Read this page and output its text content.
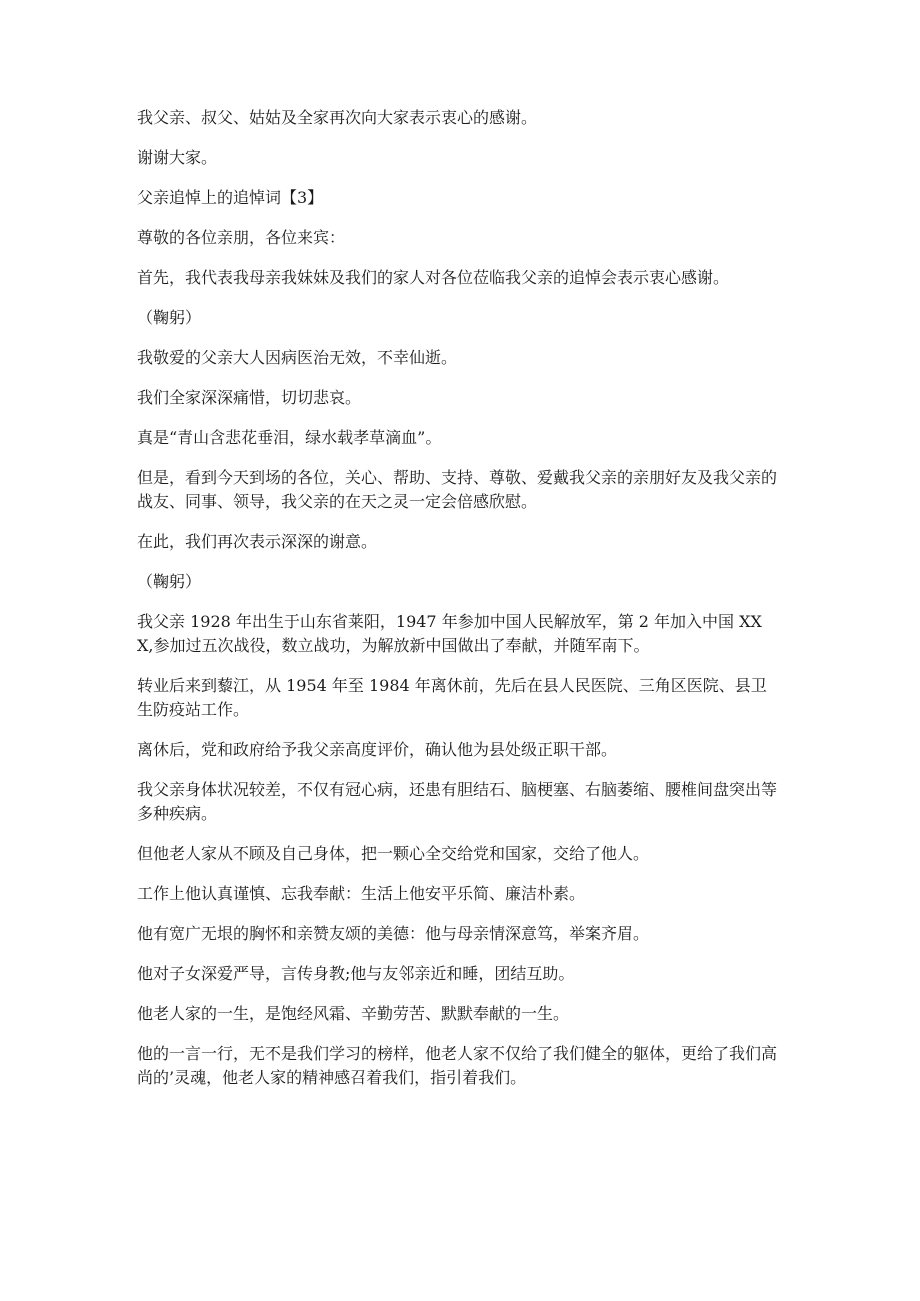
我父亲、叔父、姑姑及全家再次向大家表示衷心的感谢。

谢谢大家。

父亲追悼上的追悼词【3】

尊敬的各位亲朋，各位来宾：

首先，我代表我母亲我妹妹及我们的家人对各位莅临我父亲的追悼会表示衷心感谢。

（鞠躬）

我敬爱的父亲大人因病医治无效，不幸仙逝。

我们全家深深痛惜，切切悲哀。

真是“青山含悲花垂泪，绿水载孝草滴血”。

但是，看到今天到场的各位，关心、帮助、支持、尊敬、爱戴我父亲的亲朋好友及我父亲的战友、同事、领导，我父亲的在天之灵一定会倍感欣慰。

在此，我们再次表示深深的谢意。

（鞠躬）

我父亲 1928 年出生于山东省莱阳，1947 年参加中国人民解放军，第 2 年加入中国 XXX,参加过五次战役，数立战功，为解放新中国做出了奉献，并随军南下。

转业后来到藜江，从 1954 年至 1984 年离休前，先后在县人民医院、三角区医院、县卫生防疫站工作。

离休后，党和政府给予我父亲高度评价，确认他为县处级正职干部。

我父亲身体状况较差，不仅有冠心病，还患有胆结石、脑梗塞、右脑萎缩、腰椎间盘突出等多种疾病。

但他老人家从不顾及自己身体，把一颗心全交给党和国家，交给了他人。

工作上他认真谨慎、忘我奉献：生活上他安平乐简、廉洁朴素。

他有宽广无垠的胸怀和亲赞友颂的美德：他与母亲情深意笃，举案齐眉。

他对子女深爱严导，言传身教;他与友邻亲近和睡，团结互助。

他老人家的一生，是饱经风霜、辛勤劳苦、默默奉献的一生。

他的一言一行，无不是我们学习的榜样，他老人家不仅给了我们健全的躯体，更给了我们高尚的’灵魂，他老人家的精神感召着我们，指引着我们。
